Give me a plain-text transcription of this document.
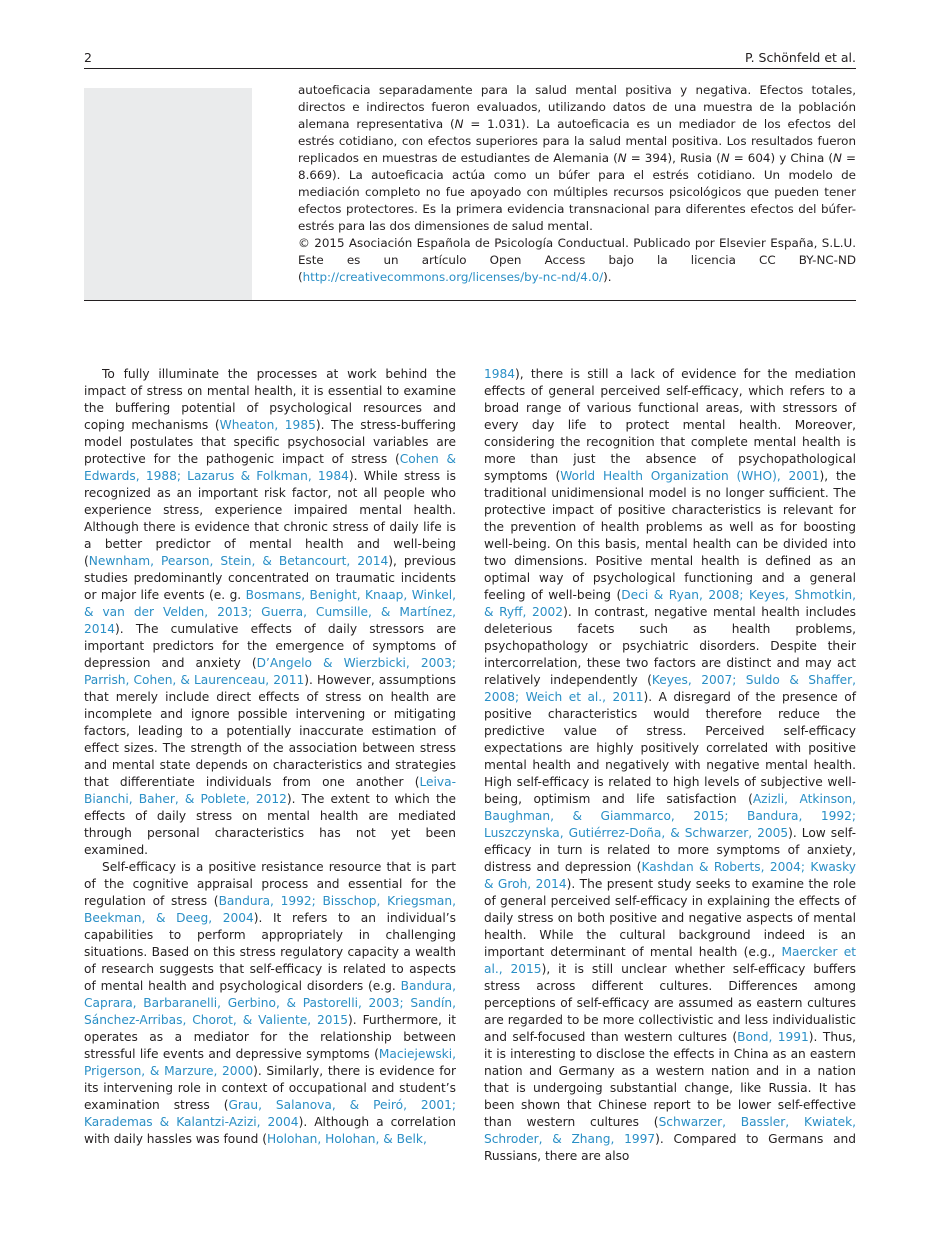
2	P. Schönfeld et al.

autoeficacia separadamente para la salud mental positiva y negativa. Efectos totales, directos e indirectos fueron evaluados, utilizando datos de una muestra de la población alemana representativa (N = 1.031). La autoeficacia es un mediador de los efectos del estrés cotidiano, con efectos superiores para la salud mental positiva. Los resultados fueron replicados en muestras de estudiantes de Alemania (N = 394), Rusia (N = 604) y China (N = 8.669). La autoeficacia actúa como un búfer para el estrés cotidiano. Un modelo de mediación completo no fue apoyado con múltiples recursos psicológicos que pueden tener efectos protectores. Es la primera evidencia transnacional para diferentes efectos del búfer-estrés para las dos dimensiones de salud mental.

© 2015 Asociación Española de Psicología Conductual. Publicado por Elsevier España, S.L.U. Este es un artículo Open Access bajo la licencia CC BY-NC-ND (http://creativecommons.org/licenses/by-nc-nd/4.0/).

To fully illuminate the processes at work behind the impact of stress on mental health, it is essential to examine the buffering potential of psychological resources and coping mechanisms (Wheaton, 1985). The stress-buffering model postulates that specific psychosocial variables are protective for the pathogenic impact of stress (Cohen & Edwards, 1988; Lazarus & Folkman, 1984). While stress is recognized as an important risk factor, not all people who experience stress, experience impaired mental health. Although there is evidence that chronic stress of daily life is a better predictor of mental health and well-being (Newnham, Pearson, Stein, & Betancourt, 2014), previous studies predominantly concentrated on traumatic incidents or major life events (e. g. Bosmans, Benight, Knaap, Winkel, & van der Velden, 2013; Guerra, Cumsille, & Martínez, 2014). The cumulative effects of daily stressors are important predictors for the emergence of symptoms of depression and anxiety (D’Angelo & Wierzbicki, 2003; Parrish, Cohen, & Laurenceau, 2011). However, assumptions that merely include direct effects of stress on health are incomplete and ignore possible intervening or mitigating factors, leading to a potentially inaccurate estimation of effect sizes. The strength of the association between stress and mental state depends on characteristics and strategies that differentiate individuals from one another (Leiva-Bianchi, Baher, & Poblete, 2012). The extent to which the effects of daily stress on mental health are mediated through personal characteristics has not yet been examined.

Self-efficacy is a positive resistance resource that is part of the cognitive appraisal process and essential for the regulation of stress (Bandura, 1992; Bisschop, Kriegsman, Beekman, & Deeg, 2004). It refers to an individual’s capabilities to perform appropriately in challenging situations. Based on this stress regulatory capacity a wealth of research suggests that self-efficacy is related to aspects of mental health and psychological disorders (e.g. Bandura, Caprara, Barbaranelli, Gerbino, & Pastorelli, 2003; Sandín, Sánchez-Arribas, Chorot, & Valiente, 2015). Furthermore, it operates as a mediator for the relationship between stressful life events and depressive symptoms (Maciejewski, Prigerson, & Marzure, 2000). Similarly, there is evidence for its intervening role in context of occupational and student’s examination stress (Grau, Salanova, & Peiró, 2001; Karademas & Kalantzi-Azizi, 2004). Although a correlation with daily hassles was found (Holohan, Holohan, & Belk,

1984), there is still a lack of evidence for the mediation effects of general perceived self-efficacy, which refers to a broad range of various functional areas, with stressors of every day life to protect mental health. Moreover, considering the recognition that complete mental health is more than just the absence of psychopathological symptoms (World Health Organization (WHO), 2001), the traditional unidimensional model is no longer sufficient. The protective impact of positive characteristics is relevant for the prevention of health problems as well as for boosting well-being. On this basis, mental health can be divided into two dimensions. Positive mental health is defined as an optimal way of psychological functioning and a general feeling of well-being (Deci & Ryan, 2008; Keyes, Shmotkin, & Ryff, 2002). In contrast, negative mental health includes deleterious facets such as health problems, psychopathology or psychiatric disorders. Despite their intercorrelation, these two factors are distinct and may act relatively independently (Keyes, 2007; Suldo & Shaffer, 2008; Weich et al., 2011). A disregard of the presence of positive characteristics would therefore reduce the predictive value of stress. Perceived self-efficacy expectations are highly positively correlated with positive mental health and negatively with negative mental health. High self-efficacy is related to high levels of subjective well-being, optimism and life satisfaction (Azizli, Atkinson, Baughman, & Giammarco, 2015; Bandura, 1992; Luszczynska, Gutiérrez-Doña, & Schwarzer, 2005). Low self-efficacy in turn is related to more symptoms of anxiety, distress and depression (Kashdan & Roberts, 2004; Kwasky & Groh, 2014). The present study seeks to examine the role of general perceived self-efficacy in explaining the effects of daily stress on both positive and negative aspects of mental health. While the cultural background indeed is an important determinant of mental health (e.g., Maercker et al., 2015), it is still unclear whether self-efficacy buffers stress across different cultures. Differences among perceptions of self-efficacy are assumed as eastern cultures are regarded to be more collectivistic and less individualistic and self-focused than western cultures (Bond, 1991). Thus, it is interesting to disclose the effects in China as an eastern nation and Germany as a western nation and in a nation that is undergoing substantial change, like Russia. It has been shown that Chinese report to be lower self-effective than western cultures (Schwarzer, Bassler, Kwiatek, Schroder, & Zhang, 1997). Compared to Germans and Russians, there are also
